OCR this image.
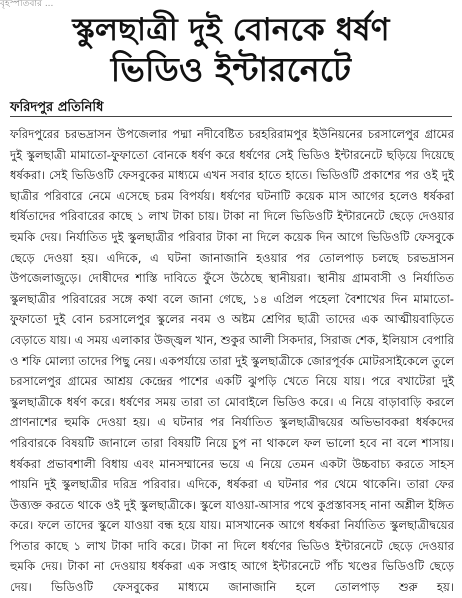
বৃহস্পতিবার ...
স্কুলছাত্রী দুই বোনকে ধর্ষণ
ভিডিও ইন্টারনেটে
ফরিদপুর প্রতিনিধি

ফরিদপুরের চরভদ্রাসন উপজেলার পদ্মা নদীবেষ্টিত চরহরিরামপুর ইউনিয়নের চরসালেপুর গ্রামের দুই স্কুলছাত্রী মামাতো-ফুফাতো বোনকে ধর্ষণ করে ধর্ষণের সেই ভিডিও ইন্টারনেটে ছড়িয়ে দিয়েছে ধর্ষকরা। সেই ভিডিওটি ফেসবুকের মাধ্যমে এখন সবার হাতে হাতে। ভিডিওটি প্রকাশের পর ওই দুই ছাত্রীর পরিবারে নেমে এসেছে চরম বিপর্যয়। ধর্ষণের ঘটনাটি কয়েক মাস আগের হলেও ধর্ষকরা ধর্ষিতাদের পরিবারের কাছে ১ লাখ টাকা চায়। টাকা না দিলে ভিডিওটি ইন্টারনেটে ছেড়ে দেওয়ার হুমকি দেয়। নির্যাতিত দুই স্কুলছাত্রীর পরিবার টাকা না দিলে কয়েক দিন আগে ভিডিওটি ফেসবুকে ছেড়ে দেওয়া হয়। এদিকে, এ ঘটনা জানাজানি হওয়ার পর তোলপাড় চলছে চরভদ্রাসন উপজেলাজুড়ে। দোষীদের শাস্তি দাবিতে ফুঁসে উঠেছে স্থানীয়রা। স্থানীয় গ্রামবাসী ও নির্যাতিত স্কুলছাত্রীর পরিবারের সঙ্গে কথা বলে জানা গেছে, ১৪ এপ্রিল পহেলা বৈশাখের দিন মামাতো-ফুফাতো দুই বোন চরসালেপুর স্কুলের নবম ও অষ্টম শ্রেণির ছাত্রী তাদের এক আত্মীয়বাড়িতে বেড়াতে যায়। এ সময় এলাকার উজ্জ্বল খান, শুকুর আলী সিকদার, সিরাজ শেক, ইলিয়াস বেপারি ও শফি মোল্যা তাদের পিছু নেয়। একপর্যায়ে তারা দুই স্কুলছাত্রীকে জোরপূর্বক মোটরসাইকেলে তুলে চরসালেপুর গ্রামের আশ্রয় কেন্দ্রের পাশের একটি ঝুপড়ি খেতে নিয়ে যায়। পরে বখাটেরা দুই স্কুলছাত্রীকে ধর্ষণ করে। ধর্ষণের সময় তারা তা মোবাইলে ভিডিও করে। এ নিয়ে বাড়াবাড়ি করলে প্রাণনাশের হুমকি দেওয়া হয়। এ ঘটনার পর নির্যাতিত স্কুলছাত্রীদ্বয়ের অভিভাবকরা ধর্ষকদের পরিবারকে বিষয়টি জানালে তারা বিষয়টি নিয়ে চুপ না থাকলে ফল ভালো হবে না বলে শাসায়। ধর্ষকরা প্রভাবশালী বিধায় এবং মানসম্মানের ভয়ে এ নিয়ে তেমন একটা উচ্চবাচ্য করতে সাহস পায়নি দুই স্কুলছাত্রীর দরিদ্র পরিবার। এদিকে, ধর্ষকরা এ ঘটনার পর থেমে থাকেনি। তারা ফের উত্ত্যক্ত করতে থাকে ওই দুই স্কুলছাত্রীকে। স্কুলে যাওয়া-আসার পথে কুপ্রস্তাবসহ নানা অশ্লীল ইঙ্গিত করে। ফলে তাদের স্কুলে যাওয়া বন্ধ হয়ে যায়। মাসখানেক আগে ধর্ষকরা নির্যাতিত স্কুলছাত্রীদ্বয়ের পিতার কাছে ১ লাখ টাকা দাবি করে। টাকা না দিলে ধর্ষণের ভিডিও ইন্টারনেটে ছেড়ে দেওয়ার হুমকি দেয়। টাকা না দেওয়ায় ধর্ষকরা এক সপ্তাহ আগে ইন্টারনেটে পাঁচ খণ্ডের ভিডিওটি ছেড়ে দেয়। ভিডিওটি ফেসবুকের মাধ্যমে জানাজানি হলে তোলপাড় শুরু হয়।
